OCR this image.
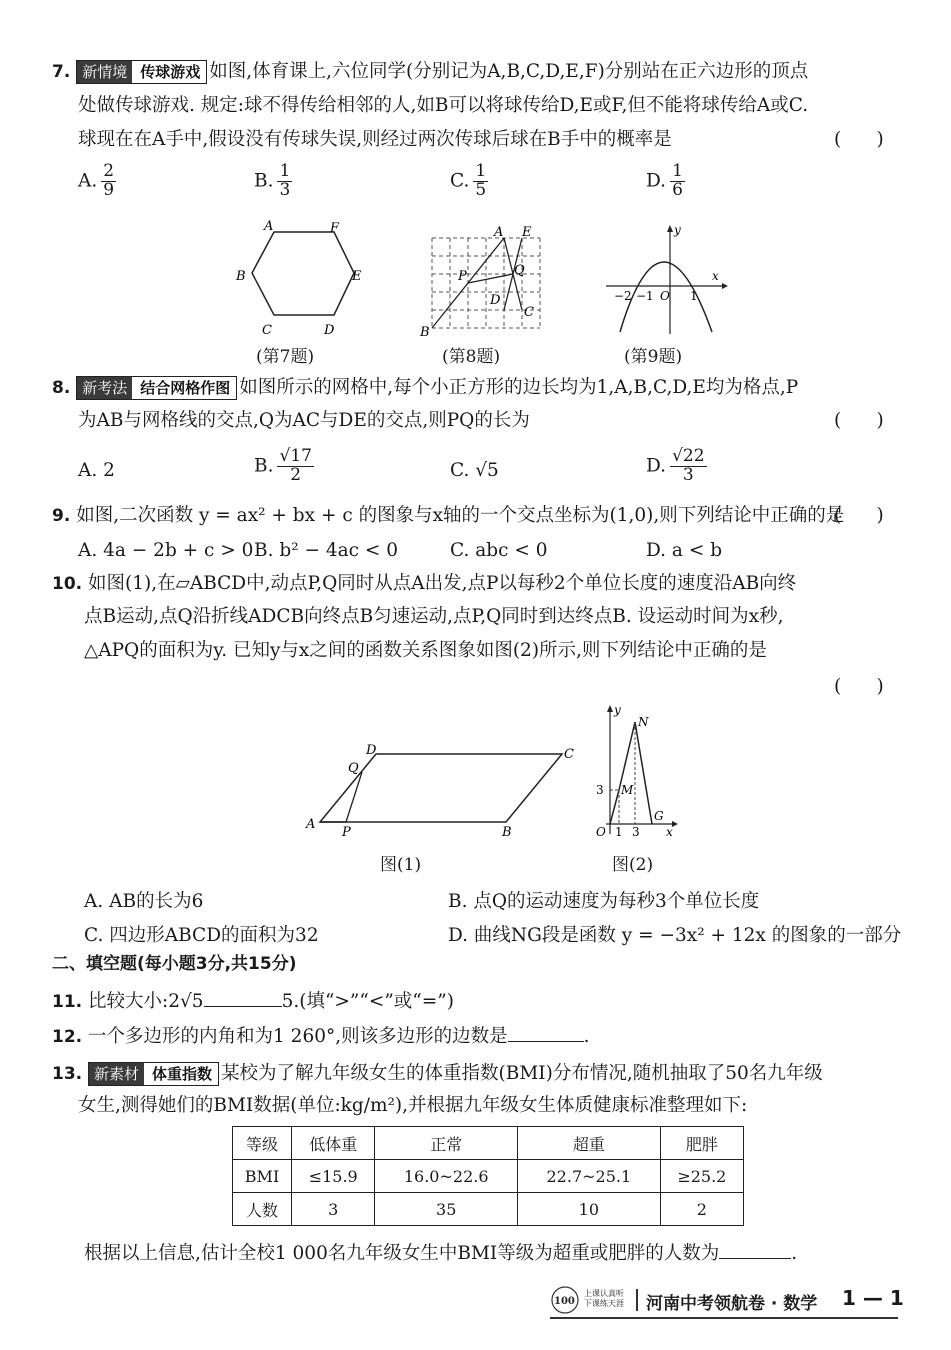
7. 新情境 传球游戏 如图,体育课上,六位同学(分别记为A,B,C,D,E,F)分别站在正六边形的顶点
处做传球游戏. 规定:球不得传给相邻的人,如B可以将球传给D,E或F,但不能将球传给A或C.
球现在在A手中,假设没有传球失误,则经过两次传球后球在B手中的概率是	(      )
A. $\frac{2}{9}$	B. $\frac{1}{3}$	C. $\frac{1}{5}$	D. $\frac{1}{6}$
A	F
B	E
C	D
(第7题)
A E
P	Q
D
C
B
(第8题)
y
x
−2 −1 O 1
(第9题)
8. 新考法 结合网格作图 如图所示的网格中,每个小正方形的边长均为1,A,B,C,D,E均为格点,P
为AB与网格线的交点,Q为AC与DE的交点,则PQ的长为	(      )
A. 2	B. $\frac{√17}{2}$	C. √5	D. $\frac{√22}{3}$
9. 如图,二次函数 y = ax² + bx + c 的图象与x轴的一个交点坐标为(1,0),则下列结论中正确的是
(      )
A. 4a − 2b + c > 0 B. b² − 4ac < 0	C. abc < 0	D. a < b
10. 如图(1),在▱ABCD中,动点P,Q同时从点A出发,点P以每秒2个单位长度的速度沿AB向终
点B运动,点Q沿折线ADCB向终点B匀速运动,点P,Q同时到达终点B. 设运动时间为x秒,
△APQ的面积为y. 已知y与x之间的函数关系图象如图(2)所示,则下列结论中正确的是
(      )
D	C
Q
A
P	B
图(1)
y
N
M
3
G
O 1 3 x
图(2)
A. AB的长为6	B. 点Q的运动速度为每秒3个单位长度
C. 四边形ABCD的面积为32	D. 曲线NG段是函数 y = −3x² + 12x 的图象的一部分
二、填空题(每小题3分,共15分)
11. 比较大小:2√5	5.(填“>”“<”或“=”)
12. 一个多边形的内角和为1 260°,则该多边形的边数是	.
13. 新素材 体重指数 某校为了解九年级女生的体重指数(BMI)分布情况,随机抽取了50名九年级
女生,测得她们的BMI数据(单位:kg/m²),并根据九年级女生体质健康标准整理如下:
等级	低体重	正常	超重	肥胖
BMI	≤15.9	16.0~22.6	22.7~25.1	≥25.2
人数	3	35	10	2
根据以上信息,估计全校1 000名九年级女生中BMI等级为超重或肥胖的人数为	.
100
上课认真听
下课练天涯 河南中考领航卷 · 数学 1 — 1
